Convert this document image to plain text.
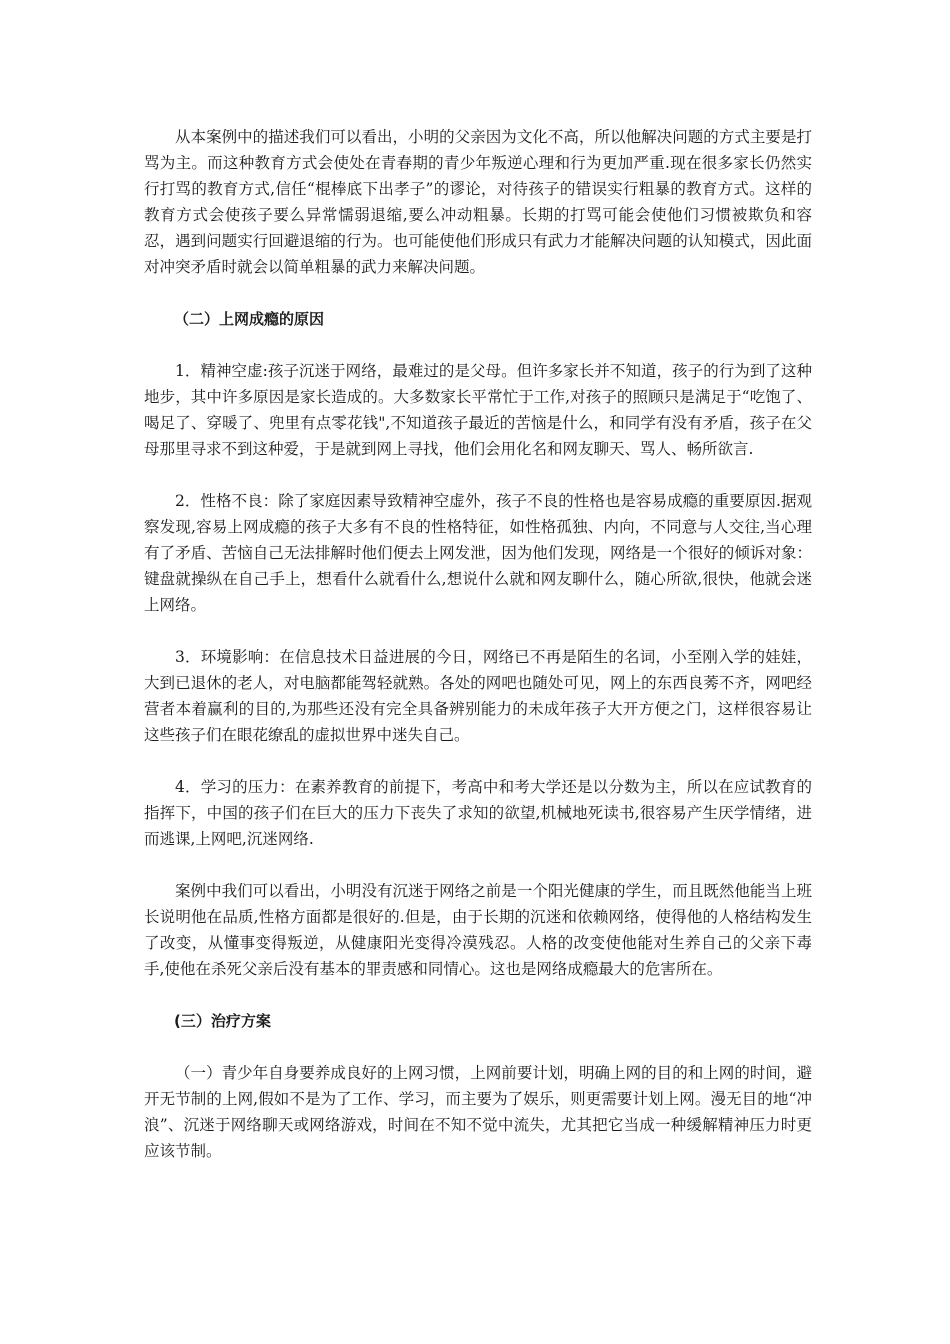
从本案例中的描述我们可以看出，小明的父亲因为文化不高，所以他解决问题的方式主要是打骂为主。而这种教育方式会使处在青春期的青少年叛逆心理和行为更加严重.现在很多家长仍然实行打骂的教育方式,信任“棍棒底下出孝子”的谬论，对待孩子的错误实行粗暴的教育方式。这样的教育方式会使孩子要么异常懦弱退缩,要么冲动粗暴。长期的打骂可能会使他们习惯被欺负和容忍，遇到问题实行回避退缩的行为。也可能使他们形成只有武力才能解决问题的认知模式，因此面对冲突矛盾时就会以简单粗暴的武力来解决问题。

（二）上网成瘾的原因

1．精神空虚:孩子沉迷于网络，最难过的是父母。但许多家长并不知道，孩子的行为到了这种地步，其中许多原因是家长造成的。大多数家长平常忙于工作,对孩子的照顾只是满足于“吃饱了、喝足了、穿暖了、兜里有点零花钱",不知道孩子最近的苦恼是什么，和同学有没有矛盾，孩子在父母那里寻求不到这种爱，于是就到网上寻找，他们会用化名和网友聊天、骂人、畅所欲言.

2．性格不良：除了家庭因素导致精神空虚外，孩子不良的性格也是容易成瘾的重要原因.据观察发现,容易上网成瘾的孩子大多有不良的性格特征，如性格孤独、内向，不同意与人交往,当心理有了矛盾、苦恼自己无法排解时他们便去上网发泄，因为他们发现，网络是一个很好的倾诉对象：键盘就操纵在自己手上，想看什么就看什么,想说什么就和网友聊什么，随心所欲,很快，他就会迷上网络。

3．环境影响：在信息技术日益进展的今日，网络已不再是陌生的名词，小至刚入学的娃娃，大到已退休的老人，对电脑都能驾轻就熟。各处的网吧也随处可见，网上的东西良莠不齐，网吧经营者本着赢利的目的,为那些还没有完全具备辨别能力的未成年孩子大开方便之门，这样很容易让这些孩子们在眼花缭乱的虚拟世界中迷失自己。

4．学习的压力：在素养教育的前提下，考高中和考大学还是以分数为主，所以在应试教育的指挥下，中国的孩子们在巨大的压力下丧失了求知的欲望,机械地死读书,很容易产生厌学情绪，进而逃课,上网吧,沉迷网络.

案例中我们可以看出，小明没有沉迷于网络之前是一个阳光健康的学生，而且既然他能当上班长说明他在品质,性格方面都是很好的.但是，由于长期的沉迷和依赖网络，使得他的人格结构发生了改变，从懂事变得叛逆，从健康阳光变得冷漠残忍。人格的改变使他能对生养自己的父亲下毒手,使他在杀死父亲后没有基本的罪责感和同情心。这也是网络成瘾最大的危害所在。

(三）治疗方案

（一）青少年自身要养成良好的上网习惯，上网前要计划，明确上网的目的和上网的时间，避开无节制的上网,假如不是为了工作、学习，而主要为了娱乐，则更需要计划上网。漫无目的地“冲浪”、沉迷于网络聊天或网络游戏，时间在不知不觉中流失，尤其把它当成一种缓解精神压力时更应该节制。
